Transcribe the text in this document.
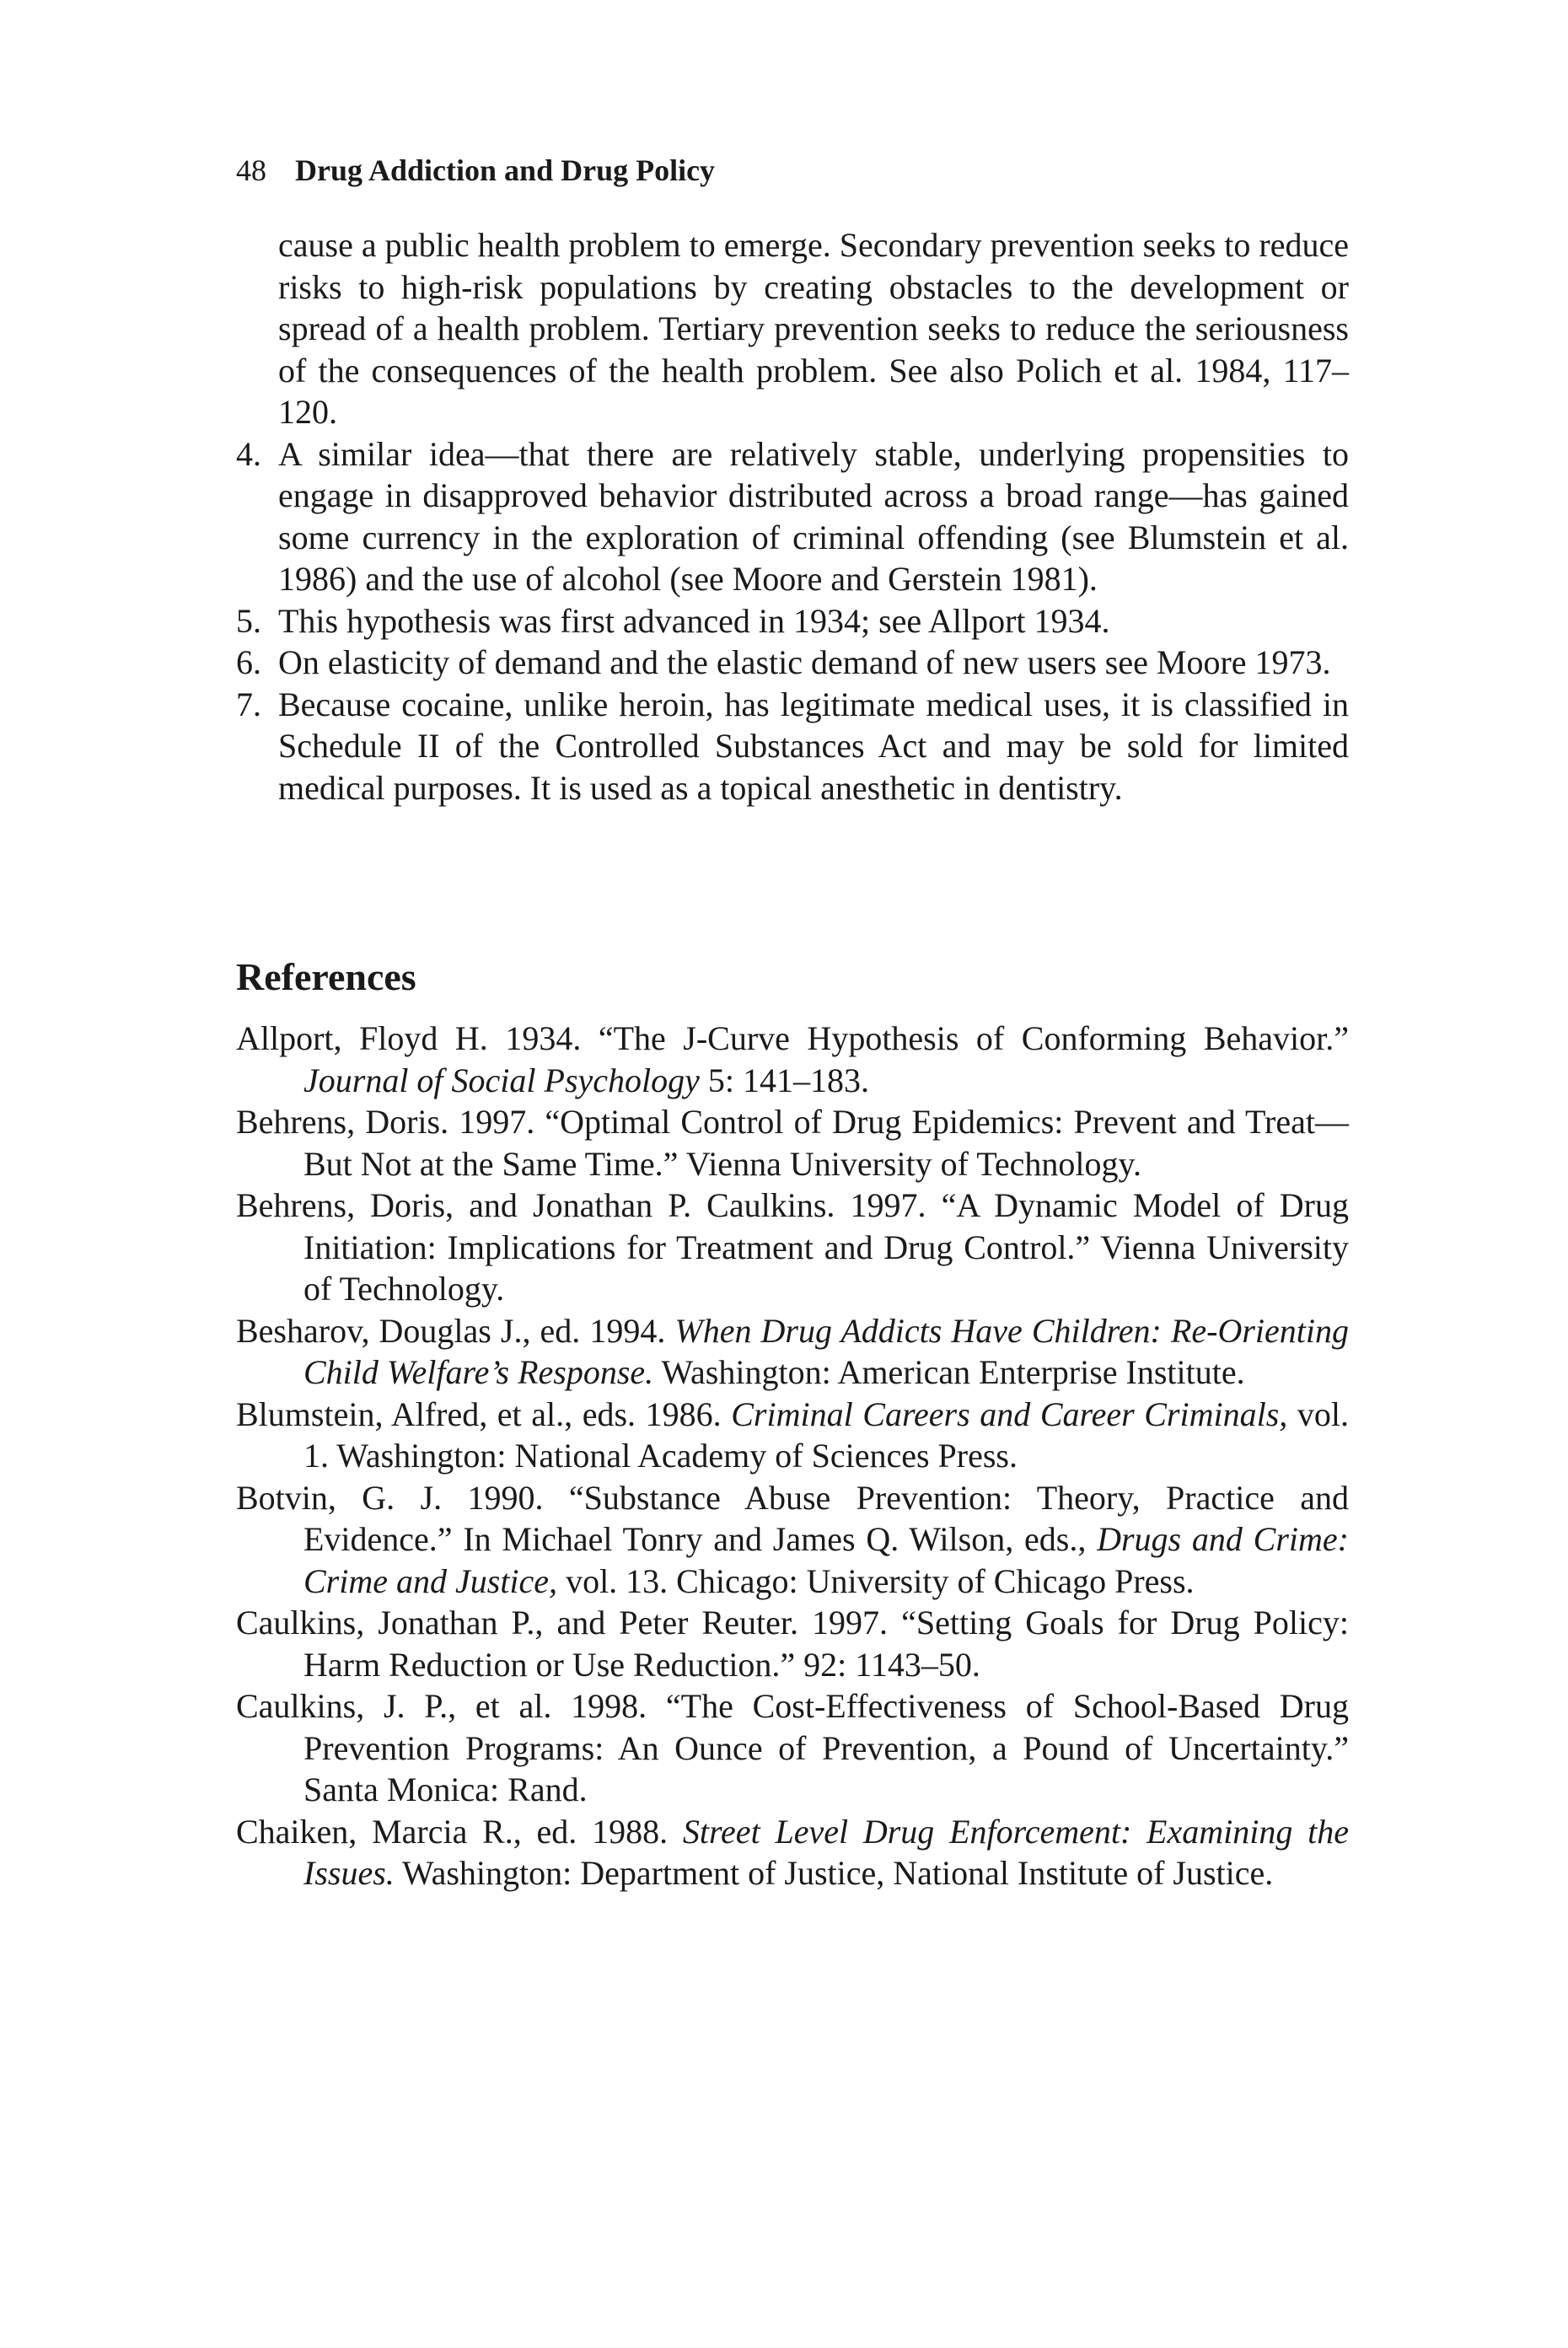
48 Drug Addiction and Drug Policy
cause a public health problem to emerge. Secondary prevention seeks to reduce risks to high-risk populations by creating obstacles to the development or spread of a health problem. Tertiary prevention seeks to reduce the seriousness of the consequences of the health problem. See also Polich et al. 1984, 117–120.
4. A similar idea—that there are relatively stable, underlying propensities to engage in disapproved behavior distributed across a broad range—has gained some currency in the exploration of criminal offending (see Blumstein et al. 1986) and the use of alcohol (see Moore and Gerstein 1981).
5. This hypothesis was first advanced in 1934; see Allport 1934.
6. On elasticity of demand and the elastic demand of new users see Moore 1973.
7. Because cocaine, unlike heroin, has legitimate medical uses, it is classified in Schedule II of the Controlled Substances Act and may be sold for limited medical purposes. It is used as a topical anesthetic in dentistry.
References
Allport, Floyd H. 1934. “The J-Curve Hypothesis of Conforming Behavior.” Journal of Social Psychology 5: 141–183.
Behrens, Doris. 1997. “Optimal Control of Drug Epidemics: Prevent and Treat—But Not at the Same Time.” Vienna University of Technology.
Behrens, Doris, and Jonathan P. Caulkins. 1997. “A Dynamic Model of Drug Initiation: Implications for Treatment and Drug Control.” Vienna University of Technology.
Besharov, Douglas J., ed. 1994. When Drug Addicts Have Children: Re-Orienting Child Welfare’s Response. Washington: American Enterprise Institute.
Blumstein, Alfred, et al., eds. 1986. Criminal Careers and Career Criminals, vol. 1. Washington: National Academy of Sciences Press.
Botvin, G. J. 1990. “Substance Abuse Prevention: Theory, Practice and Evidence.” In Michael Tonry and James Q. Wilson, eds., Drugs and Crime: Crime and Justice, vol. 13. Chicago: University of Chicago Press.
Caulkins, Jonathan P., and Peter Reuter. 1997. “Setting Goals for Drug Policy: Harm Reduction or Use Reduction.” 92: 1143–50.
Caulkins, J. P., et al. 1998. “The Cost-Effectiveness of School-Based Drug Prevention Programs: An Ounce of Prevention, a Pound of Uncertainty.” Santa Monica: Rand.
Chaiken, Marcia R., ed. 1988. Street Level Drug Enforcement: Examining the Issues. Washington: Department of Justice, National Institute of Justice.
